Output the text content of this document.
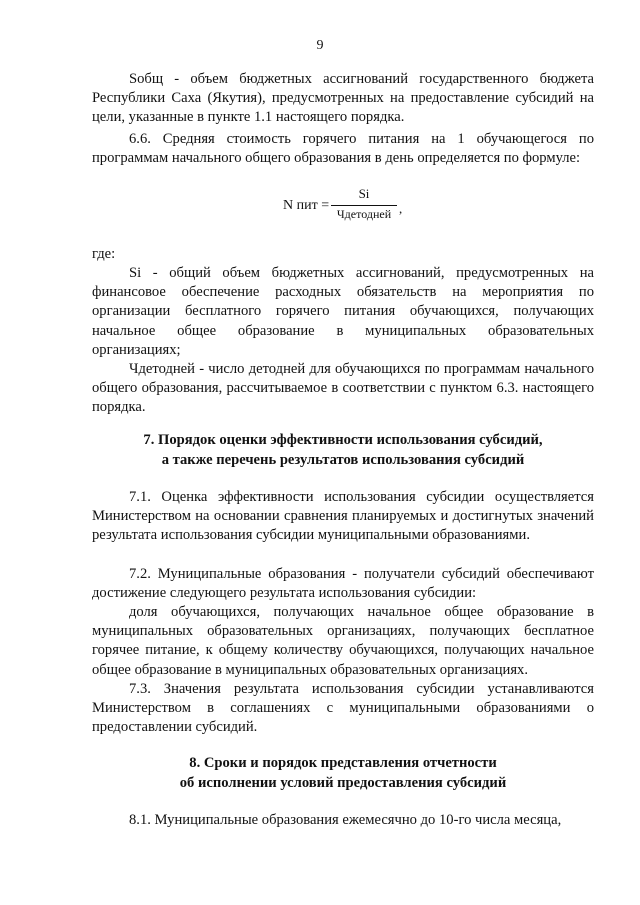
9
Sобщ - объем бюджетных ассигнований государственного бюджета Республики Саха (Якутия), предусмотренных на предоставление субсидий на цели, указанные в пункте 1.1 настоящего порядка.
6.6. Средняя стоимость горячего питания на 1 обучающегося по программам начального общего образования в день определяется по формуле:
N пит =
Si
Чдетодней ,
где:
Si - общий объем бюджетных ассигнований, предусмотренных на финансовое обеспечение расходных обязательств на мероприятия по организации бесплатного горячего питания обучающихся, получающих начальное общее образование в муниципальных образовательных организациях;
Чдетодней - число детодней для обучающихся по программам начального общего образования, рассчитываемое в соответствии с пунктом 6.3. настоящего порядка.
7. Порядок оценки эффективности использования субсидий,
а также перечень результатов использования субсидий
7.1. Оценка эффективности использования субсидии осуществляется Министерством на основании сравнения планируемых и достигнутых значений результата использования субсидии муниципальными образованиями.
7.2. Муниципальные образования - получатели субсидий обеспечивают достижение следующего результата использования субсидии:
доля обучающихся, получающих начальное общее образование в муниципальных образовательных организациях, получающих бесплатное горячее питание, к общему количеству обучающихся, получающих начальное общее образование в муниципальных образовательных организациях.
7.3. Значения результата использования субсидии устанавливаются Министерством в соглашениях с муниципальными образованиями о предоставлении субсидий.
8. Сроки и порядок представления отчетности
об исполнении условий предоставления субсидий
8.1. Муниципальные образования ежемесячно до 10-го числа месяца,
